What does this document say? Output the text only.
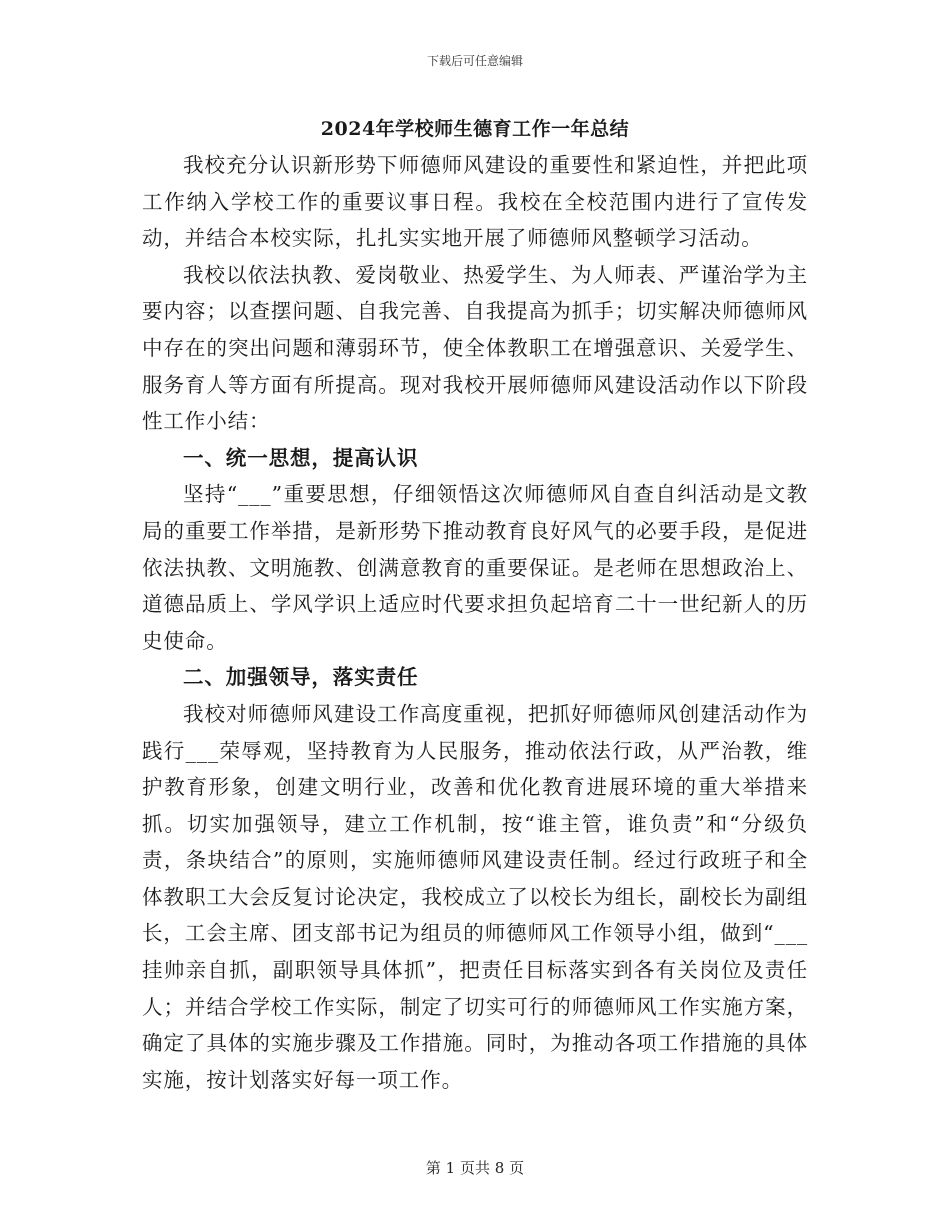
下载后可任意编辑
2024年学校师生德育工作一年总结

我校充分认识新形势下师德师风建设的重要性和紧迫性，并把此项工作纳入学校工作的重要议事日程。我校在全校范围内进行了宣传发动，并结合本校实际，扎扎实实地开展了师德师风整顿学习活动。

我校以依法执教、爱岗敬业、热爱学生、为人师表、严谨治学为主要内容；以查摆问题、自我完善、自我提高为抓手；切实解决师德师风中存在的突出问题和薄弱环节，使全体教职工在增强意识、关爱学生、服务育人等方面有所提高。现对我校开展师德师风建设活动作以下阶段性工作小结：

一、统一思想，提高认识

坚持“___”重要思想，仔细领悟这次师德师风自查自纠活动是文教局的重要工作举措，是新形势下推动教育良好风气的必要手段，是促进依法执教、文明施教、创满意教育的重要保证。是老师在思想政治上、道德品质上、学风学识上适应时代要求担负起培育二十一世纪新人的历史使命。

二、加强领导，落实责任

我校对师德师风建设工作高度重视，把抓好师德师风创建活动作为践行___荣辱观，坚持教育为人民服务，推动依法行政，从严治教，维护教育形象，创建文明行业，改善和优化教育进展环境的重大举措来抓。切实加强领导，建立工作机制，按“谁主管，谁负责”和“分级负责，条块结合”的原则，实施师德师风建设责任制。经过行政班子和全体教职工大会反复讨论决定，我校成立了以校长为组长，副校长为副组长，工会主席、团支部书记为组员的师德师风工作领导小组，做到“___挂帅亲自抓，副职领导具体抓”，把责任目标落实到各有关岗位及责任人；并结合学校工作实际，制定了切实可行的师德师风工作实施方案，确定了具体的实施步骤及工作措施。同时，为推动各项工作措施的具体实施，按计划落实好每一项工作。

第 1 页共 8 页
